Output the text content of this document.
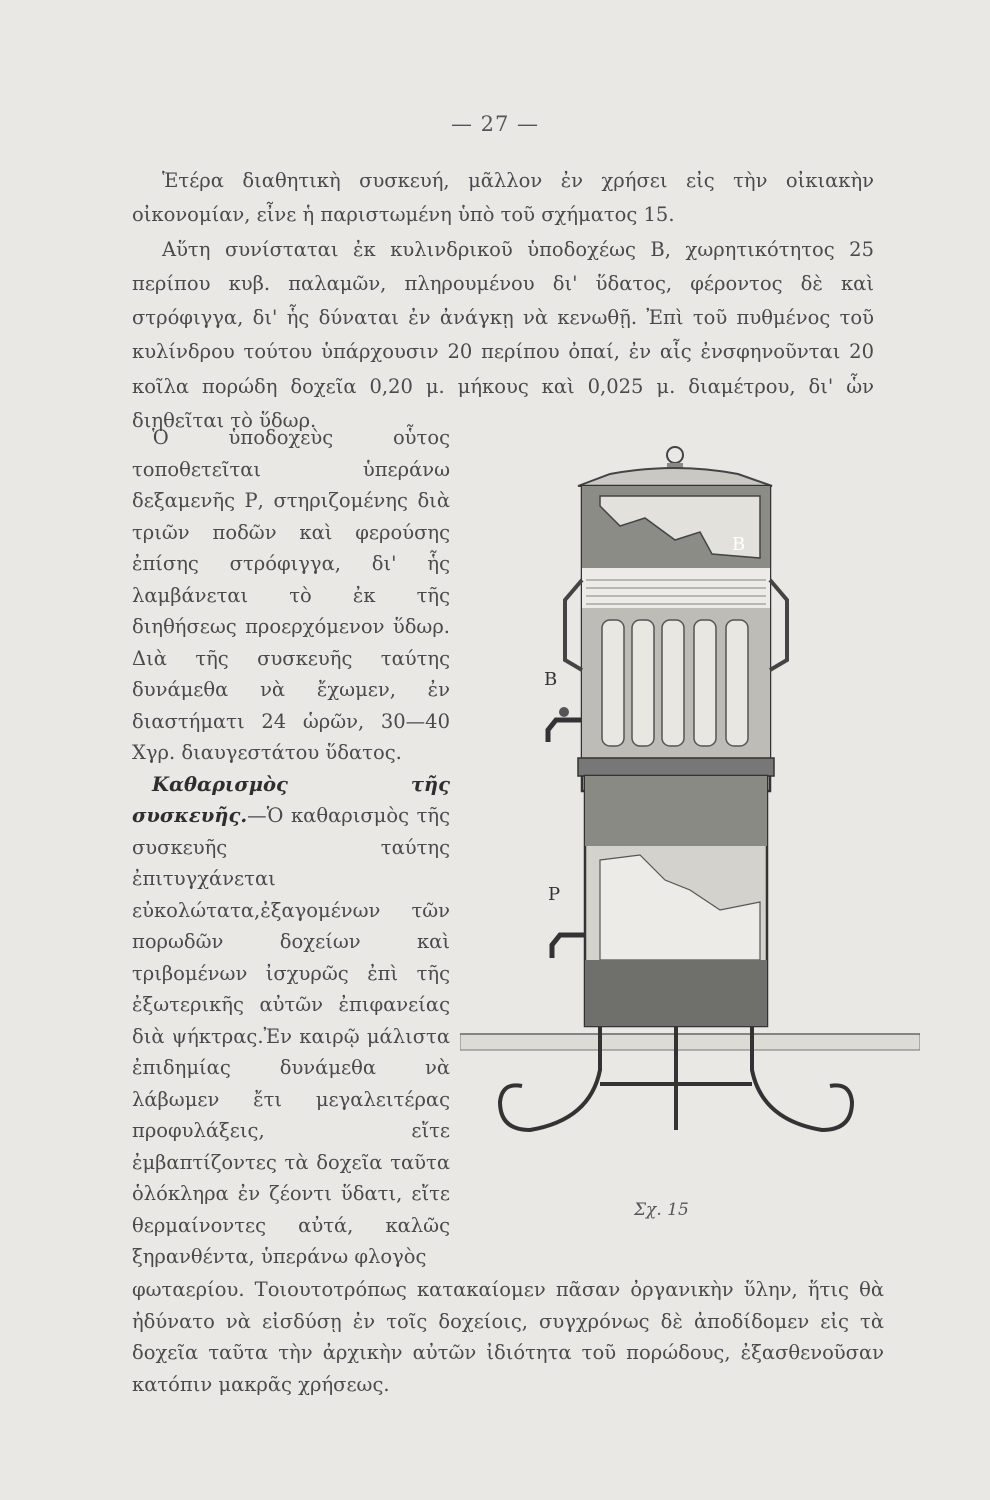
— 27 —
Ἑτέρα διαθητικὴ συσκευή, μᾶλλον ἐν χρήσει εἰς τὴν οἰκιακὴν οἰκονομίαν, εἶνε ἡ παριστωμένη ὑπὸ τοῦ σχήματος 15.
Αὕτη συνίσταται ἐκ κυλινδρικοῦ ὑποδοχέως Β, χωρητικότητος 25 περίπου κυβ. παλαμῶν, πληρουμένου δι' ὕδατος, φέροντος δὲ καὶ στρόφιγγα, δι' ἧς δύναται ἐν ἀνάγκῃ νὰ κενωθῇ. Ἐπὶ τοῦ πυθμένος τοῦ κυλίνδρου τούτου ὑπάρχουσιν 20 περίπου ὀπαί, ἐν αἷς ἐνσφηνοῦνται 20 κοῖλα πορώδη δοχεῖα 0,20 μ. μήκους καὶ 0,025 μ. διαμέτρου, δι' ὧν διηθεῖται τὸ ὕδωρ.

Ὁ ὑποδοχεὺς οὗτος τοποθετεῖται ὑπεράνω δεξαμενῆς Ρ, στηριζομένης διὰ τριῶν ποδῶν καὶ φερούσης ἐπίσης στρόφιγγα, δι' ἧς λαμβάνεται τὸ ἐκ τῆς διηθήσεως προερχόμενον ὕδωρ. Διὰ τῆς συσκευῆς ταύτης δυνάμεθα νὰ ἔχωμεν, ἐν διαστήματι 24 ὡρῶν, 30—40 Χγρ. διαυγεστάτου ὕδατος.

Καθαρισμὸς τῆς συσκευῆς.—Ὁ καθαρισμὸς τῆς συσκευῆς ταύτης ἐπιτυγχάνεται εὐκολώτατα,ἐξαγομένων τῶν πορωδῶν δοχείων καὶ τριβομένων ἰσχυρῶς ἐπὶ τῆς ἐξωτερικῆς αὐτῶν ἐπιφανείας διὰ ψήκτρας.Ἐν καιρῷ μάλιστα ἐπιδημίας δυνάμεθα νὰ λάβωμεν ἔτι μεγαλειτέρας προφυλάξεις, εἴτε ἐμβαπτίζοντες τὰ δοχεῖα ταῦτα ὁλόκληρα ἐν ζέοντι ὕδατι, εἴτε θερμαίνοντες αὐτά, καλῶς ξηρανθέντα, ὑπεράνω φλογὸς

B
B
P
Σχ. 15
φωταερίου. Τοιουτοτρόπως κατακαίομεν πᾶσαν ὀργανικὴν ὕλην, ἥτις θὰ ἠδύνατο νὰ εἰσδύσῃ ἐν τοῖς δοχείοις, συγχρόνως δὲ ἀποδίδομεν εἰς τὰ δοχεῖα ταῦτα τὴν ἀρχικὴν αὐτῶν ἰδιότητα τοῦ πορώδους, ἐξασθενοῦσαν κατόπιν μακρᾶς χρήσεως.
